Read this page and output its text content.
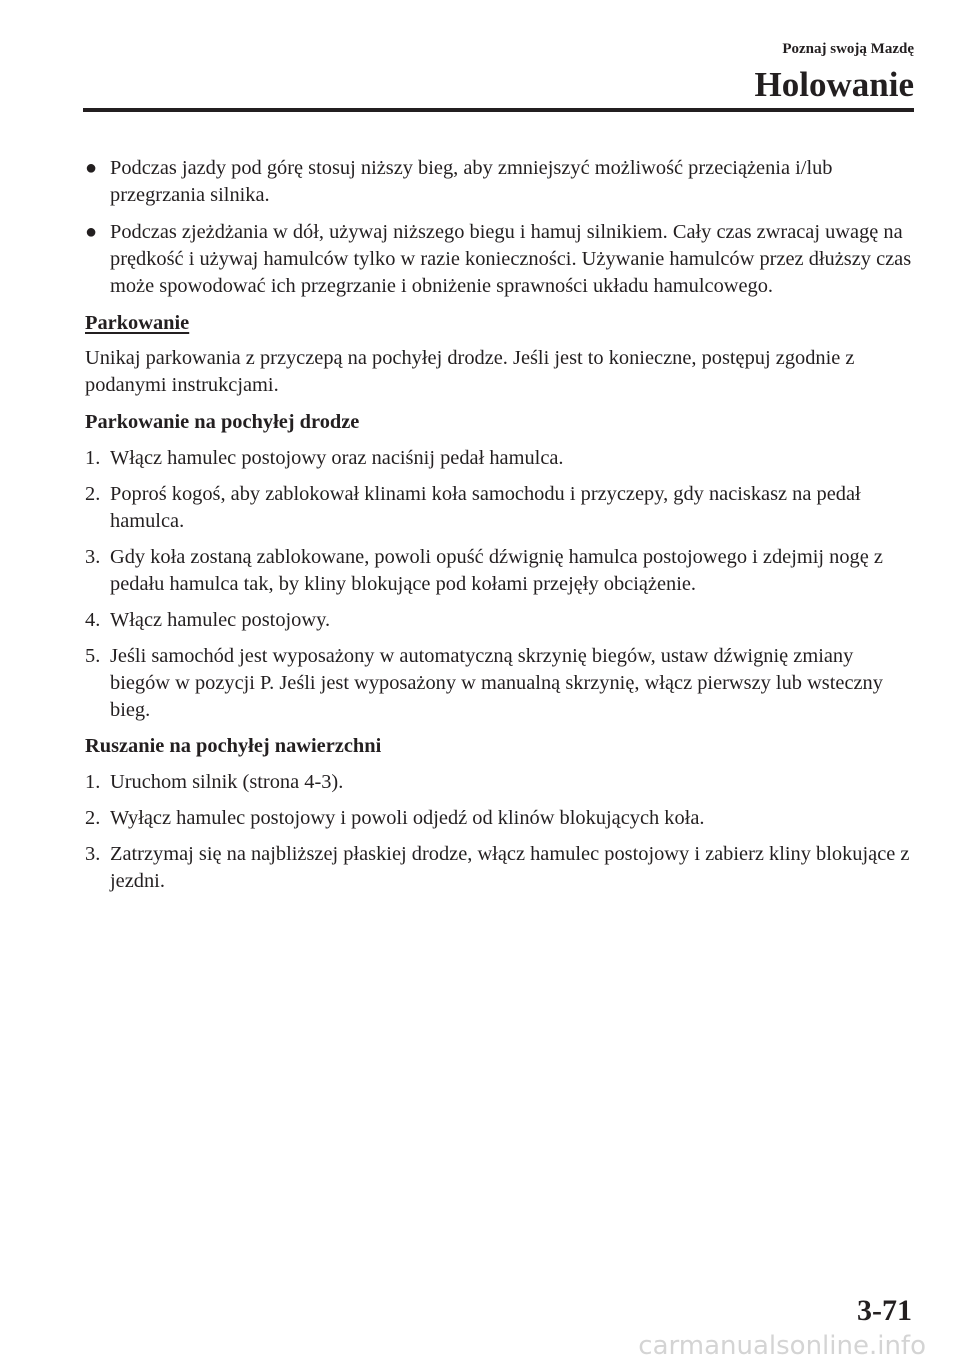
Poznaj swoją Mazdę
Holowanie
● Podczas jazdy pod górę stosuj niższy bieg, aby zmniejszyć możliwość przeciążenia i/lub przegrzania silnika.
● Podczas zjeżdżania w dół, używaj niższego biegu i hamuj silnikiem. Cały czas zwracaj uwagę na prędkość i używaj hamulców tylko w razie konieczności. Używanie hamulców przez dłuższy czas może spowodować ich przegrzanie i obniżenie sprawności układu hamulcowego.
Parkowanie
Unikaj parkowania z przyczepą na pochyłej drodze. Jeśli jest to konieczne, postępuj zgodnie z podanymi instrukcjami.
Parkowanie na pochyłej drodze
1. Włącz hamulec postojowy oraz naciśnij pedał hamulca.
2. Poproś kogoś, aby zablokował klinami koła samochodu i przyczepy, gdy naciskasz na pedał hamulca.
3. Gdy koła zostaną zablokowane, powoli opuść dźwignię hamulca postojowego i zdejmij nogę z pedału hamulca tak, by kliny blokujące pod kołami przejęły obciążenie.
4. Włącz hamulec postojowy.
5. Jeśli samochód jest wyposażony w automatyczną skrzynię biegów, ustaw dźwignię zmiany biegów w pozycji P. Jeśli jest wyposażony w manualną skrzynię, włącz pierwszy lub wsteczny bieg.
Ruszanie na pochyłej nawierzchni
1. Uruchom silnik (strona 4-3).
2. Wyłącz hamulec postojowy i powoli odjedź od klinów blokujących koła.
3. Zatrzymaj się na najbliższej płaskiej drodze, włącz hamulec postojowy i zabierz kliny blokujące z jezdni.
3-71
carmanualsonline.info
